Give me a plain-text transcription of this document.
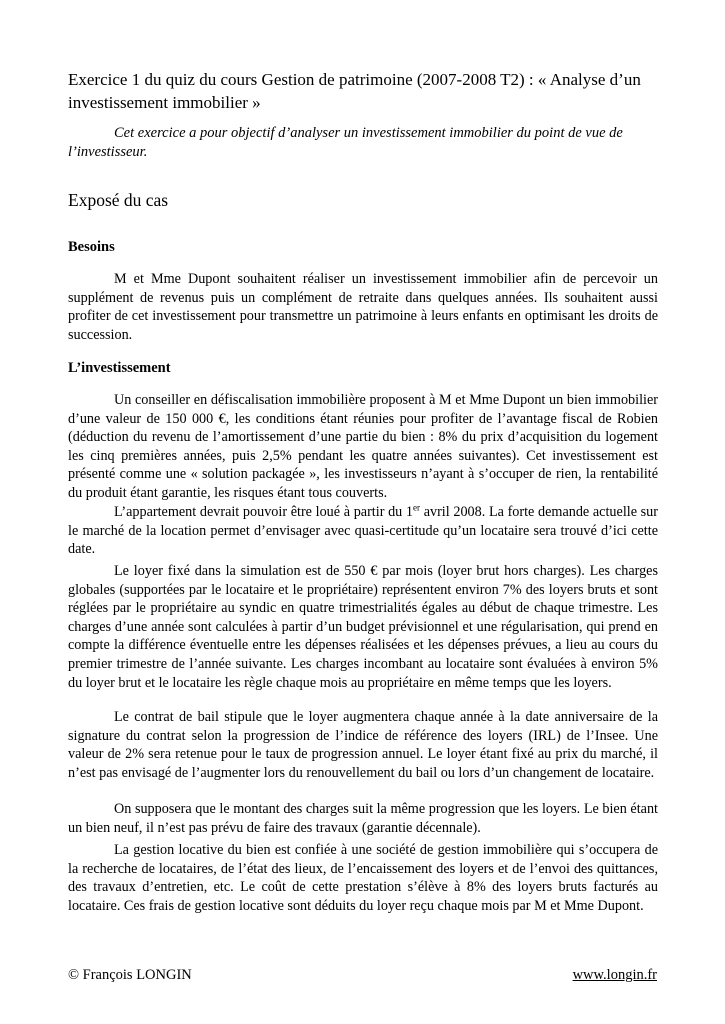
Exercice 1 du quiz du cours Gestion de patrimoine (2007-2008 T2) : « Analyse d’un investissement immobilier »

Cet exercice a pour objectif d’analyser un investissement immobilier du point de vue de l’investisseur.

Exposé du cas
Besoins

M et Mme Dupont souhaitent réaliser un investissement immobilier afin de percevoir un supplément de revenus puis un complément de retraite dans quelques années. Ils souhaitent aussi profiter de cet investissement pour transmettre un patrimoine à leurs enfants en optimisant les droits de succession.

L’investissement

Un conseiller en défiscalisation immobilière proposent à M et Mme Dupont un bien immobilier d’une valeur de 150 000 €, les conditions étant réunies pour profiter de l’avantage fiscal de Robien (déduction du revenu de l’amortissement d’une partie du bien : 8% du prix d’acquisition du logement les cinq premières années, puis 2,5% pendant les quatre années suivantes). Cet investissement est présenté comme une « solution packagée », les investisseurs n’ayant à s’occuper de rien, la rentabilité du produit étant garantie, les risques étant tous couverts.

L’appartement devrait pouvoir être loué à partir du 1er avril 2008. La forte demande actuelle sur le marché de la location permet d’envisager avec quasi-certitude qu’un locataire sera trouvé d’ici cette date.

Le loyer fixé dans la simulation est de 550 € par mois (loyer brut hors charges). Les charges globales (supportées par le locataire et le propriétaire) représentent environ 7% des loyers bruts et sont réglées par le propriétaire au syndic en quatre trimestrialités égales au début de chaque trimestre. Les charges d’une année sont calculées à partir d’un budget prévisionnel et une régularisation, qui prend en compte la différence éventuelle entre les dépenses réalisées et les dépenses prévues, a lieu au cours du premier trimestre de l’année suivante. Les charges incombant au locataire sont évaluées à environ 5% du loyer brut et le locataire les règle chaque mois au propriétaire en même temps que les loyers.

Le contrat de bail stipule que le loyer augmentera chaque année à la date anniversaire de la signature du contrat selon la progression de l’indice de référence des loyers (IRL) de l’Insee. Une valeur de 2% sera retenue pour le taux de progression annuel. Le loyer étant fixé au prix du marché, il n’est pas envisagé de l’augmenter lors du renouvellement du bail ou lors d’un changement de locataire.

On supposera que le montant des charges suit la même progression que les loyers. Le bien étant un bien neuf, il n’est pas prévu de faire des travaux (garantie décennale).

La gestion locative du bien est confiée à une société de gestion immobilière qui s’occupera de la recherche de locataires, de l’état des lieux, de l’encaissement des loyers et de l’envoi des quittances, des travaux d’entretien, etc. Le coût de cette prestation s’élève à 8% des loyers bruts facturés au locataire. Ces frais de gestion locative sont déduits du loyer reçu chaque mois par M et Mme Dupont.

© François LONGIN	www.longin.fr
